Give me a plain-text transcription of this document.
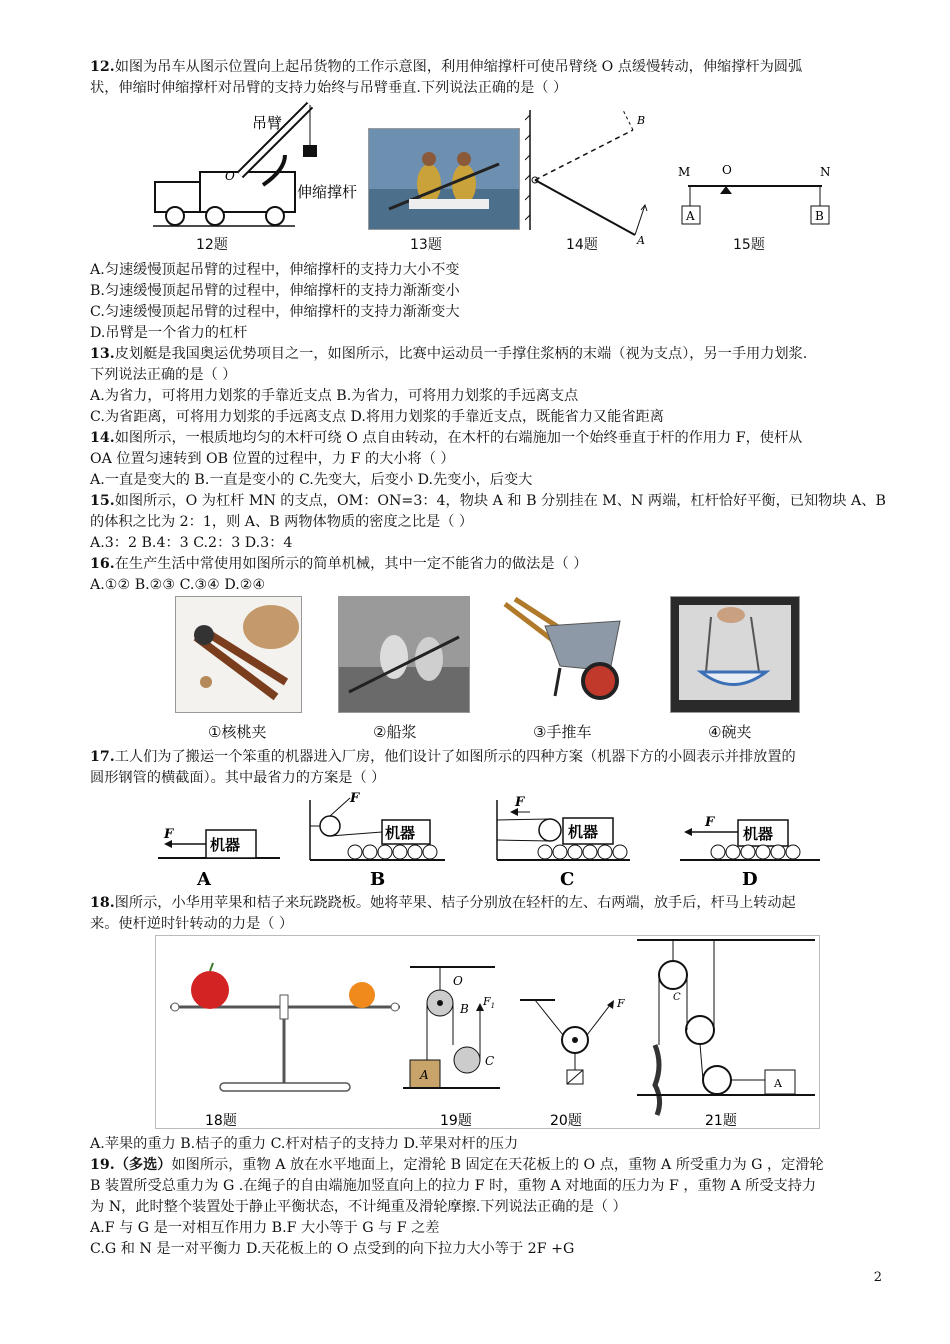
12.如图为吊车从图示位置向上起吊货物的工作示意图，利用伸缩撑杆可使吊臂绕 O 点缓慢转动，伸缩撑杆为圆弧
状，伸缩时伸缩撑杆对吊臂的支持力始终与吊臂垂直.下列说法正确的是（ ）
O
吊臂
伸缩撑杆
12题	13题	A
B
14题
M	O	N
A	B
15题
A.匀速缓慢顶起吊臂的过程中，伸缩撑杆的支持力大小不变
B.匀速缓慢顶起吊臂的过程中，伸缩撑杆的支持力渐渐变小
C.匀速缓慢顶起吊臂的过程中，伸缩撑杆的支持力渐渐变大
D.吊臂是一个省力的杠杆
13.皮划艇是我国奥运优势项目之一，如图所示，比赛中运动员一手撑住浆柄的末端（视为支点），另一手用力划浆.
下列说法正确的是（ ）
A.为省力，可将用力划浆的手靠近支点 B.为省力，可将用力划浆的手远离支点
C.为省距离，可将用力划浆的手远离支点 D.将用力划浆的手靠近支点，既能省力又能省距离
14.如图所示，一根质地均匀的木杆可绕 O 点自由转动，在木杆的右端施加一个始终垂直于杆的作用力 F，使杆从
OA 位置匀速转到 OB 位置的过程中，力 F 的大小将（ ）
A.一直是变大的 B.一直是变小的 C.先变大，后变小 D.先变小，后变大
15.如图所示，O 为杠杆 MN 的支点，OM：ON=3：4，物块 A 和 B 分别挂在 M、N 两端，杠杆恰好平衡，已知物块 A、B
的体积之比为 2：1，则 A、B 两物体物质的密度之比是（ ）
A.3：2 B.4：3 C.2：3 D.3：4
16.在生产生活中常使用如图所示的简单机械，其中一定不能省力的做法是（ ）
A.①② B.②③ C.③④ D.②④
①核桃夹	②船浆	③手推车	④碗夹
17.工人们为了搬运一个笨重的机器进入厂房，他们设计了如图所示的四种方案（机器下方的小圆表示并排放置的
圆形钢管的横截面）。其中最省力的方案是（ ）
机器
F
A
机器
F
B
机器
F
C
机器
F
D
18.图所示，小华用苹果和桔子来玩跷跷板。她将苹果、桔子分别放在轻杆的左、右两端，放手后，杆马上转动起
来。使杆逆时针转动的力是（ ）
18题
O
B
$F_1$
C
A
19题
F
20题
C
A
21题
A.苹果的重力 B.桔子的重力 C.杆对桔子的支持力 D.苹果对杆的压力
19.（多选）如图所示，重物 A 放在水平地面上，定滑轮 B 固定在天花板上的 O 点，重物 A 所受重力为 G ，定滑轮
B 装置所受总重力为 G .在绳子的自由端施加竖直向上的拉力 F 时，重物 A 对地面的压力为 F ，重物 A 所受支持力
为 N，此时整个装置处于静止平衡状态，不计绳重及滑轮摩擦.下列说法正确的是（ ）
A.F 与 G 是一对相互作用力 B.F 大小等于 G 与 F 之差
C.G 和 N 是一对平衡力 D.天花板上的 O 点受到的向下拉力大小等于 2F +G
2
